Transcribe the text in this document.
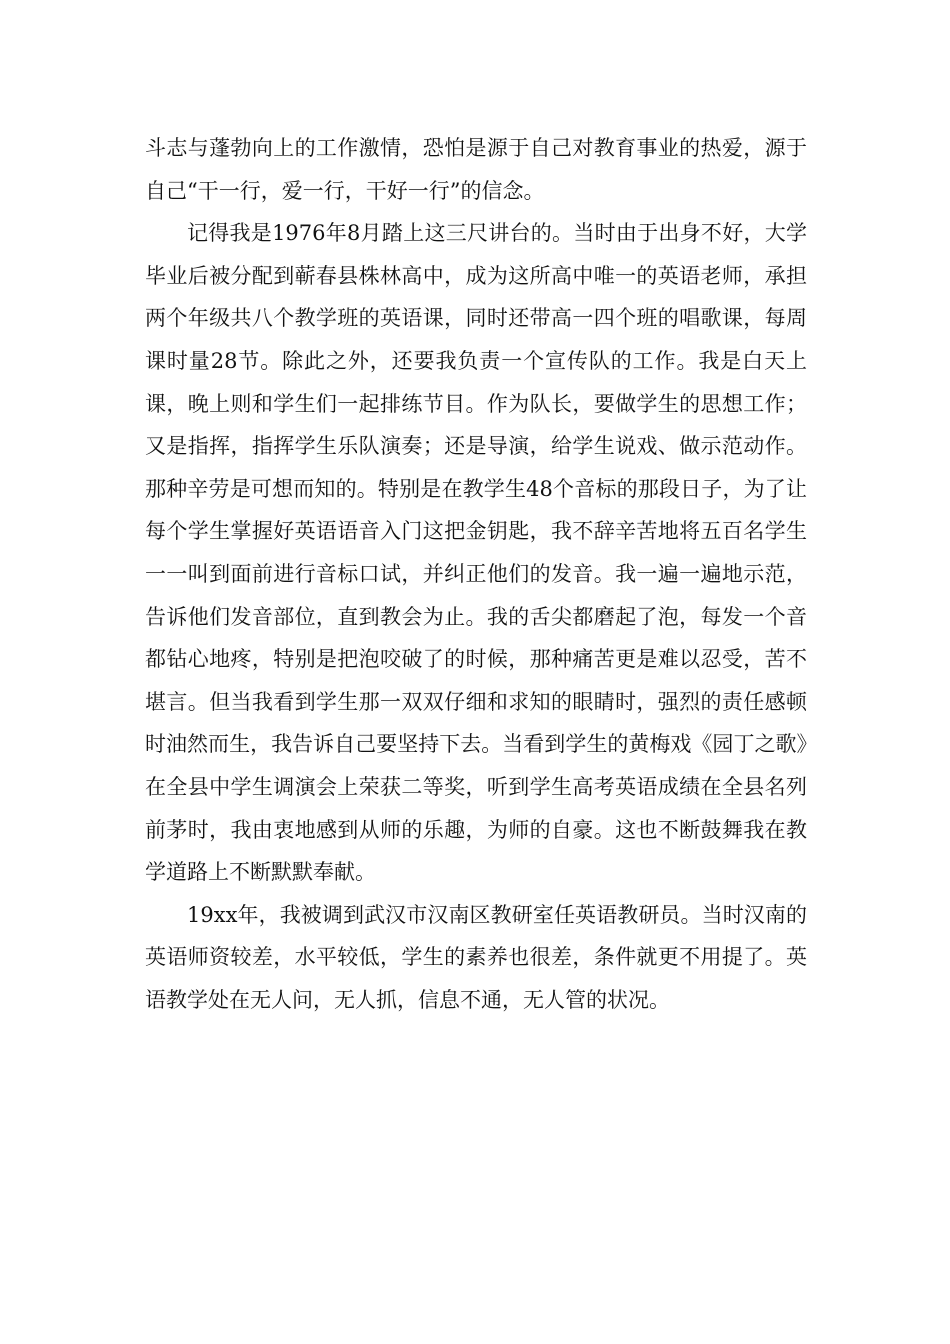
斗志与蓬勃向上的工作激情，恐怕是源于自己对教育事业的热爱，源于自己“干一行，爱一行，干好一行”的信念。

记得我是1976年8月踏上这三尺讲台的。当时由于出身不好，大学毕业后被分配到蕲春县株林高中，成为这所高中唯一的英语老师，承担两个年级共八个教学班的英语课，同时还带高一四个班的唱歌课，每周课时量28节。除此之外，还要我负责一个宣传队的工作。我是白天上课，晚上则和学生们一起排练节目。作为队长，要做学生的思想工作；又是指挥，指挥学生乐队演奏；还是导演，给学生说戏、做示范动作。那种辛劳是可想而知的。特别是在教学生48个音标的那段日子，为了让每个学生掌握好英语语音入门这把金钥匙，我不辞辛苦地将五百名学生一一叫到面前进行音标口试，并纠正他们的发音。我一遍一遍地示范，告诉他们发音部位，直到教会为止。我的舌尖都磨起了泡，每发一个音都钻心地疼，特别是把泡咬破了的时候，那种痛苦更是难以忍受，苦不堪言。但当我看到学生那一双双仔细和求知的眼睛时，强烈的责任感顿时油然而生，我告诉自己要坚持下去。当看到学生的黄梅戏《园丁之歌》在全县中学生调演会上荣获二等奖，听到学生高考英语成绩在全县名列前茅时，我由衷地感到从师的乐趣，为师的自豪。这也不断鼓舞我在教学道路上不断默默奉献。

19xx年，我被调到武汉市汉南区教研室任英语教研员。当时汉南的英语师资较差，水平较低，学生的素养也很差，条件就更不用提了。英语教学处在无人问，无人抓，信息不通，无人管的状况。
